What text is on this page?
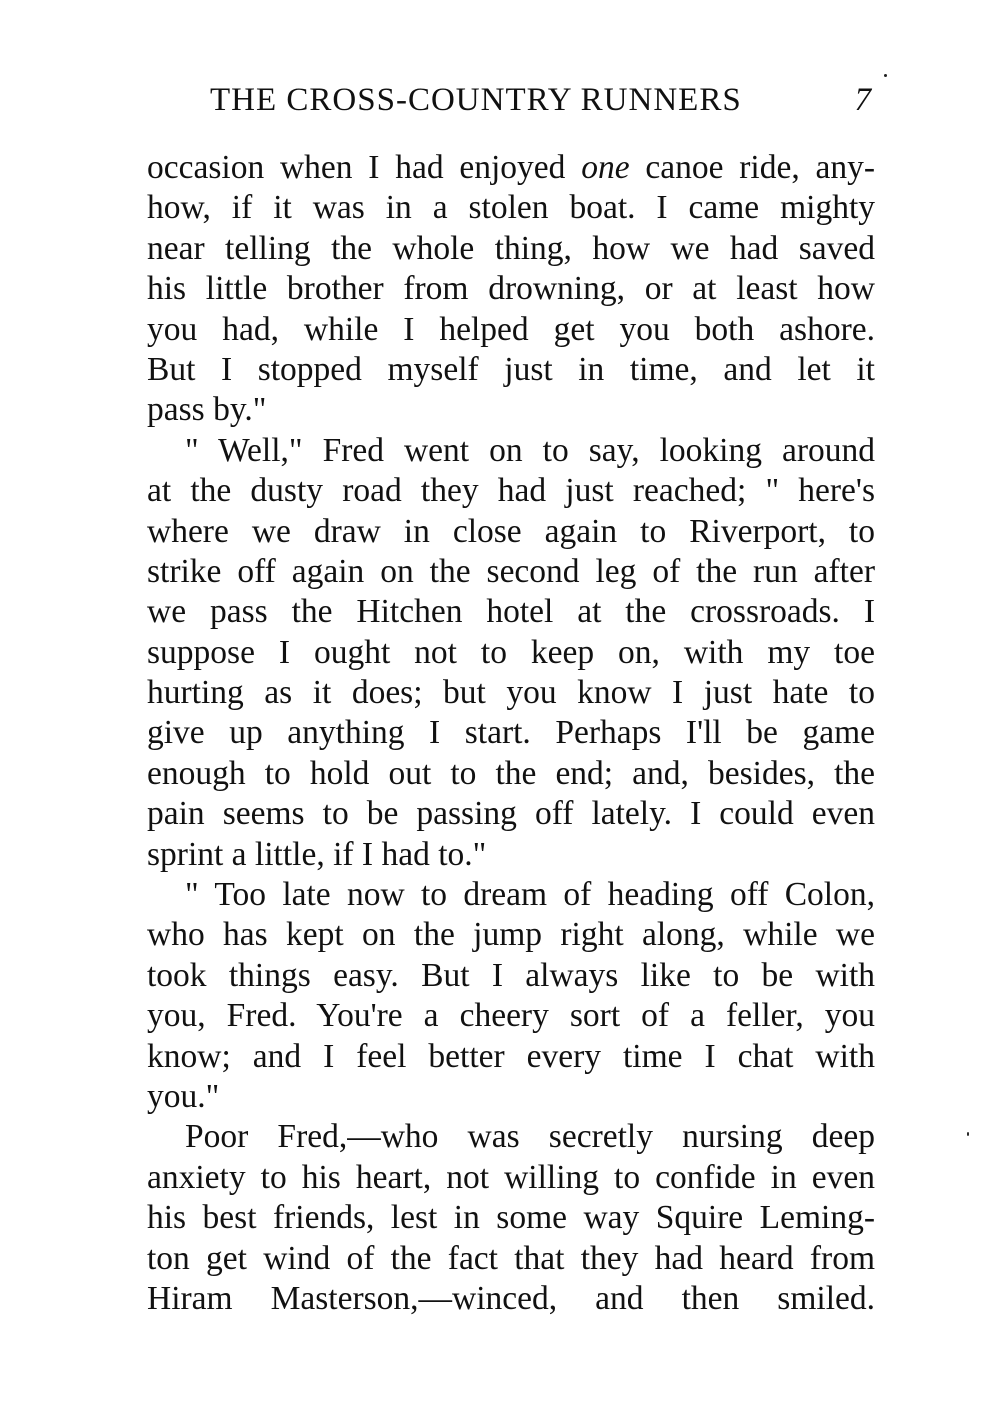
THE CROSS-COUNTRY RUNNERS	7
occasion when I had enjoyed one canoe ride, any-
how, if it was in a stolen boat. I came mighty
near telling the whole thing, how we had saved
his little brother from drowning, or at least how
you had, while I helped get you both ashore.
But I stopped myself just in time, and let it
pass by."
" Well," Fred went on to say, looking around
at the dusty road they had just reached; " here's
where we draw in close again to Riverport, to
strike off again on the second leg of the run after
we pass the Hitchen hotel at the crossroads. I
suppose I ought not to keep on, with my toe
hurting as it does; but you know I just hate to
give up anything I start. Perhaps I'll be game
enough to hold out to the end; and, besides, the
pain seems to be passing off lately. I could even
sprint a little, if I had to."
" Too late now to dream of heading off Colon,
who has kept on the jump right along, while we
took things easy. But I always like to be with
you, Fred. You're a cheery sort of a feller, you
know; and I feel better every time I chat with
you."
Poor Fred,—who was secretly nursing deep
anxiety to his heart, not willing to confide in even
his best friends, lest in some way Squire Leming-
ton get wind of the fact that they had heard from
Hiram Masterson,—winced, and then smiled.
